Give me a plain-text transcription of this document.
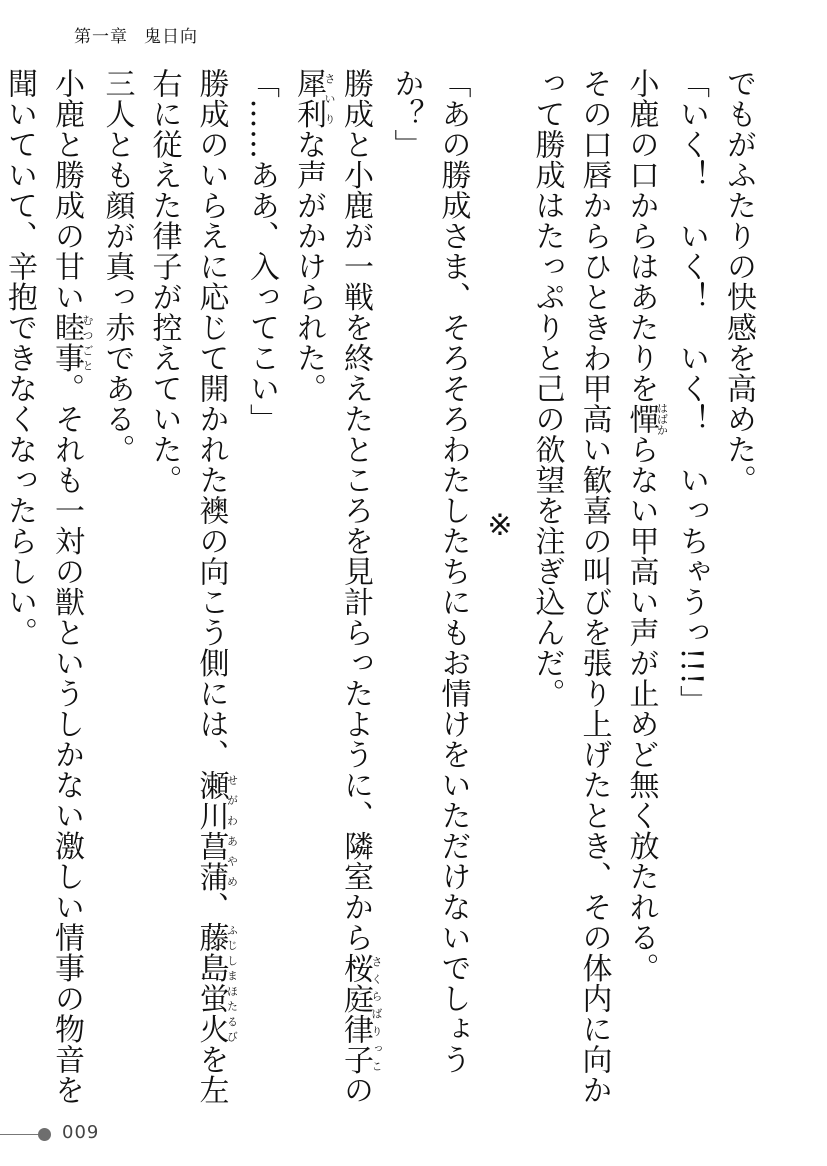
第一章 鬼日向

でもがふたりの快感を高めた。

「いく！　いく！　いく！　いっちゃうっ!!!」

小鹿の口からはあたりを憚はばからない甲高い声が止めど無く放たれる。

その口唇からひときわ甲高い歓喜の叫びを張り上げたとき、その体内に向かって勝成はたっぷりと己の欲望を注ぎ込んだ。

※

「あの勝成さま、そろそろわたしたちにもお情けをいただけないでしょうか？」

勝成と小鹿が一戦を終えたところを見計らったように、隣室から桜庭律子さくらばりっこの犀利さいりな声がかけられた。

「……ああ、入ってこい」

勝成のいらえに応じて開かれた襖の向こう側には、瀬川菖蒲せがわあやめ、藤島蛍火ふじしまほたるびを左右に従えた律子が控えていた。

三人とも顔が真っ赤である。

小鹿と勝成の甘い睦事むつごと。それも一対の獣というしかない激しい情事の物音を聞いていて、辛抱できなくなったらしい。

009
